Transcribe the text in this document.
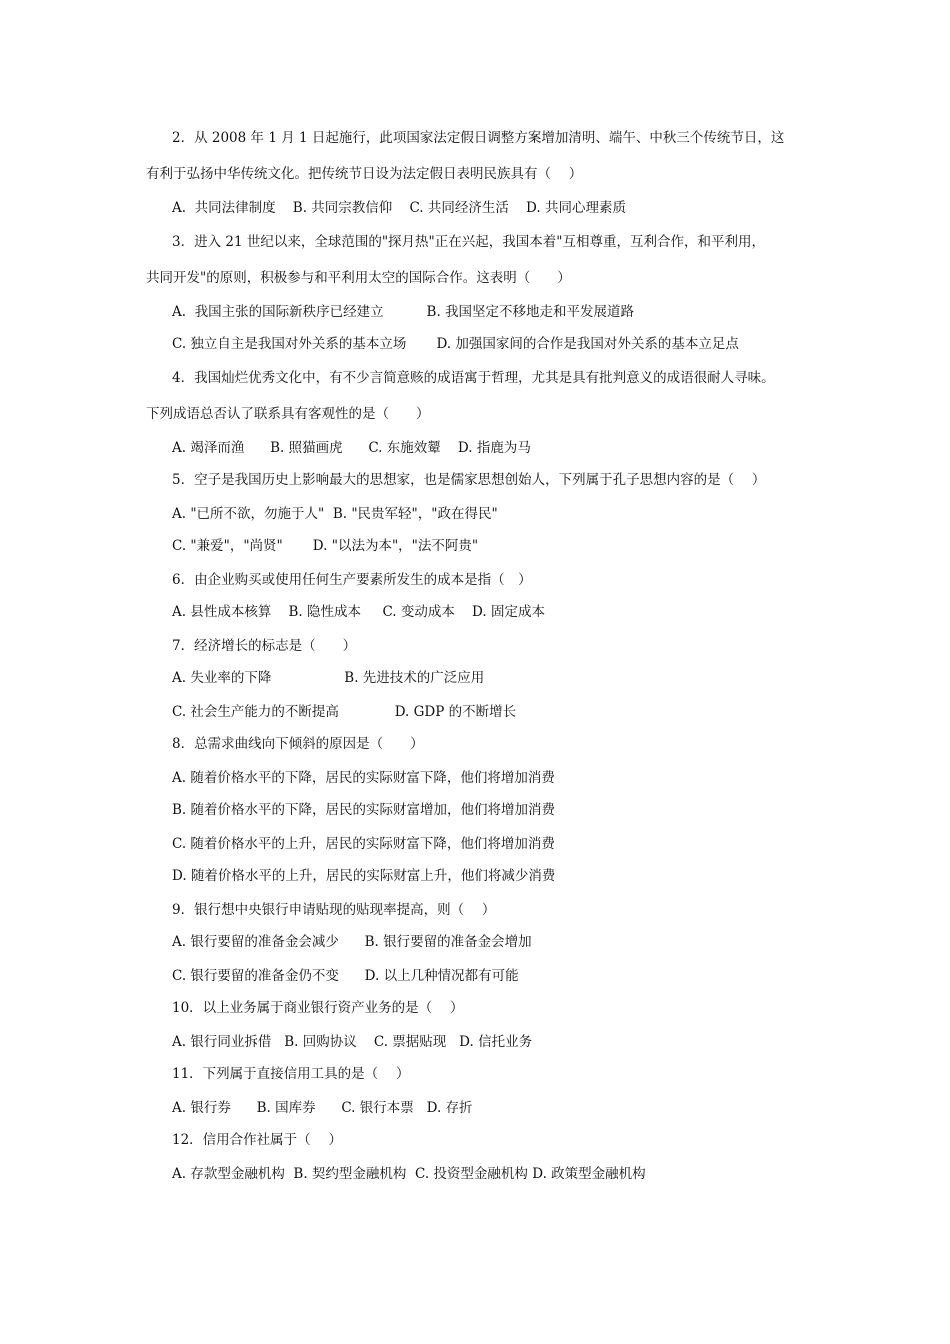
2．从 2008 年 1 月 1 日起施行，此项国家法定假日调整方案增加清明、端午、中秋三个传统节日，这
有利于弘扬中华传统文化。把传统节日设为法定假日表明民族具有（　 ）
A.  共同法律制度    B. 共同宗教信仰    C. 共同经济生活    D. 共同心理素质
3．进入 21 世纪以来，全球范围的"探月热"正在兴起，我国本着"互相尊重，互利合作，和平利用，
共同开发"的原则，积极参与和平利用太空的国际合作。这表明（　　）
A.  我国主张的国际新秩序已经建立          B. 我国坚定不移地走和平发展道路
C. 独立自主是我国对外关系的基本立场       D. 加强国家间的合作是我国对外关系的基本立足点
4．我国灿烂优秀文化中，有不少言简意赅的成语寓于哲理，尤其是具有批判意义的成语很耐人寻味。
下列成语总否认了联系具有客观性的是（　　）
A. 竭泽而渔      B. 照猫画虎      C. 东施效颦    D. 指鹿为马
5．空子是我国历史上影响最大的思想家，也是儒家思想创始人，下列属于孔子思想内容的是（　 ）
A. "已所不欲，勿施于人"  B. "民贵军轻"，"政在得民"
C. "兼爱"，"尚贤"       D. "以法为本"，"法不阿贵"
6．由企业购买或使用任何生产要素所发生的成本是指（　）
A. 县性成本核算    B. 隐性成本     C. 变动成本    D. 固定成本
7．经济增长的标志是（　　）
A. 失业率的下降                 B. 先进技术的广泛应用
C. 社会生产能力的不断提高             D. GDP 的不断增长
8．总需求曲线向下倾斜的原因是（　　）
A. 随着价格水平的下降，居民的实际财富下降，他们将增加消费
B. 随着价格水平的下降，居民的实际财富增加，他们将增加消费
C. 随着价格水平的上升，居民的实际财富下降，他们将增加消费
D. 随着价格水平的上升，居民的实际财富上升，他们将减少消费
9．银行想中央银行申请贴现的贴现率提高，则（　 ）
A. 银行要留的准备金会减少      B. 银行要留的准备金会增加
C. 银行要留的准备金仍不变      D. 以上几种情况都有可能
10．以上业务属于商业银行资产业务的是（　 ）
A. 银行同业拆借   B. 回购协议    C. 票据贴现   D. 信托业务
11．下列属于直接信用工具的是（　 ）
A. 银行券      B. 国库券      C. 银行本票   D. 存折
12．信用合作社属于（　 ）
A. 存款型金融机构  B. 契约型金融机构  C. 投资型金融机构 D. 政策型金融机构
